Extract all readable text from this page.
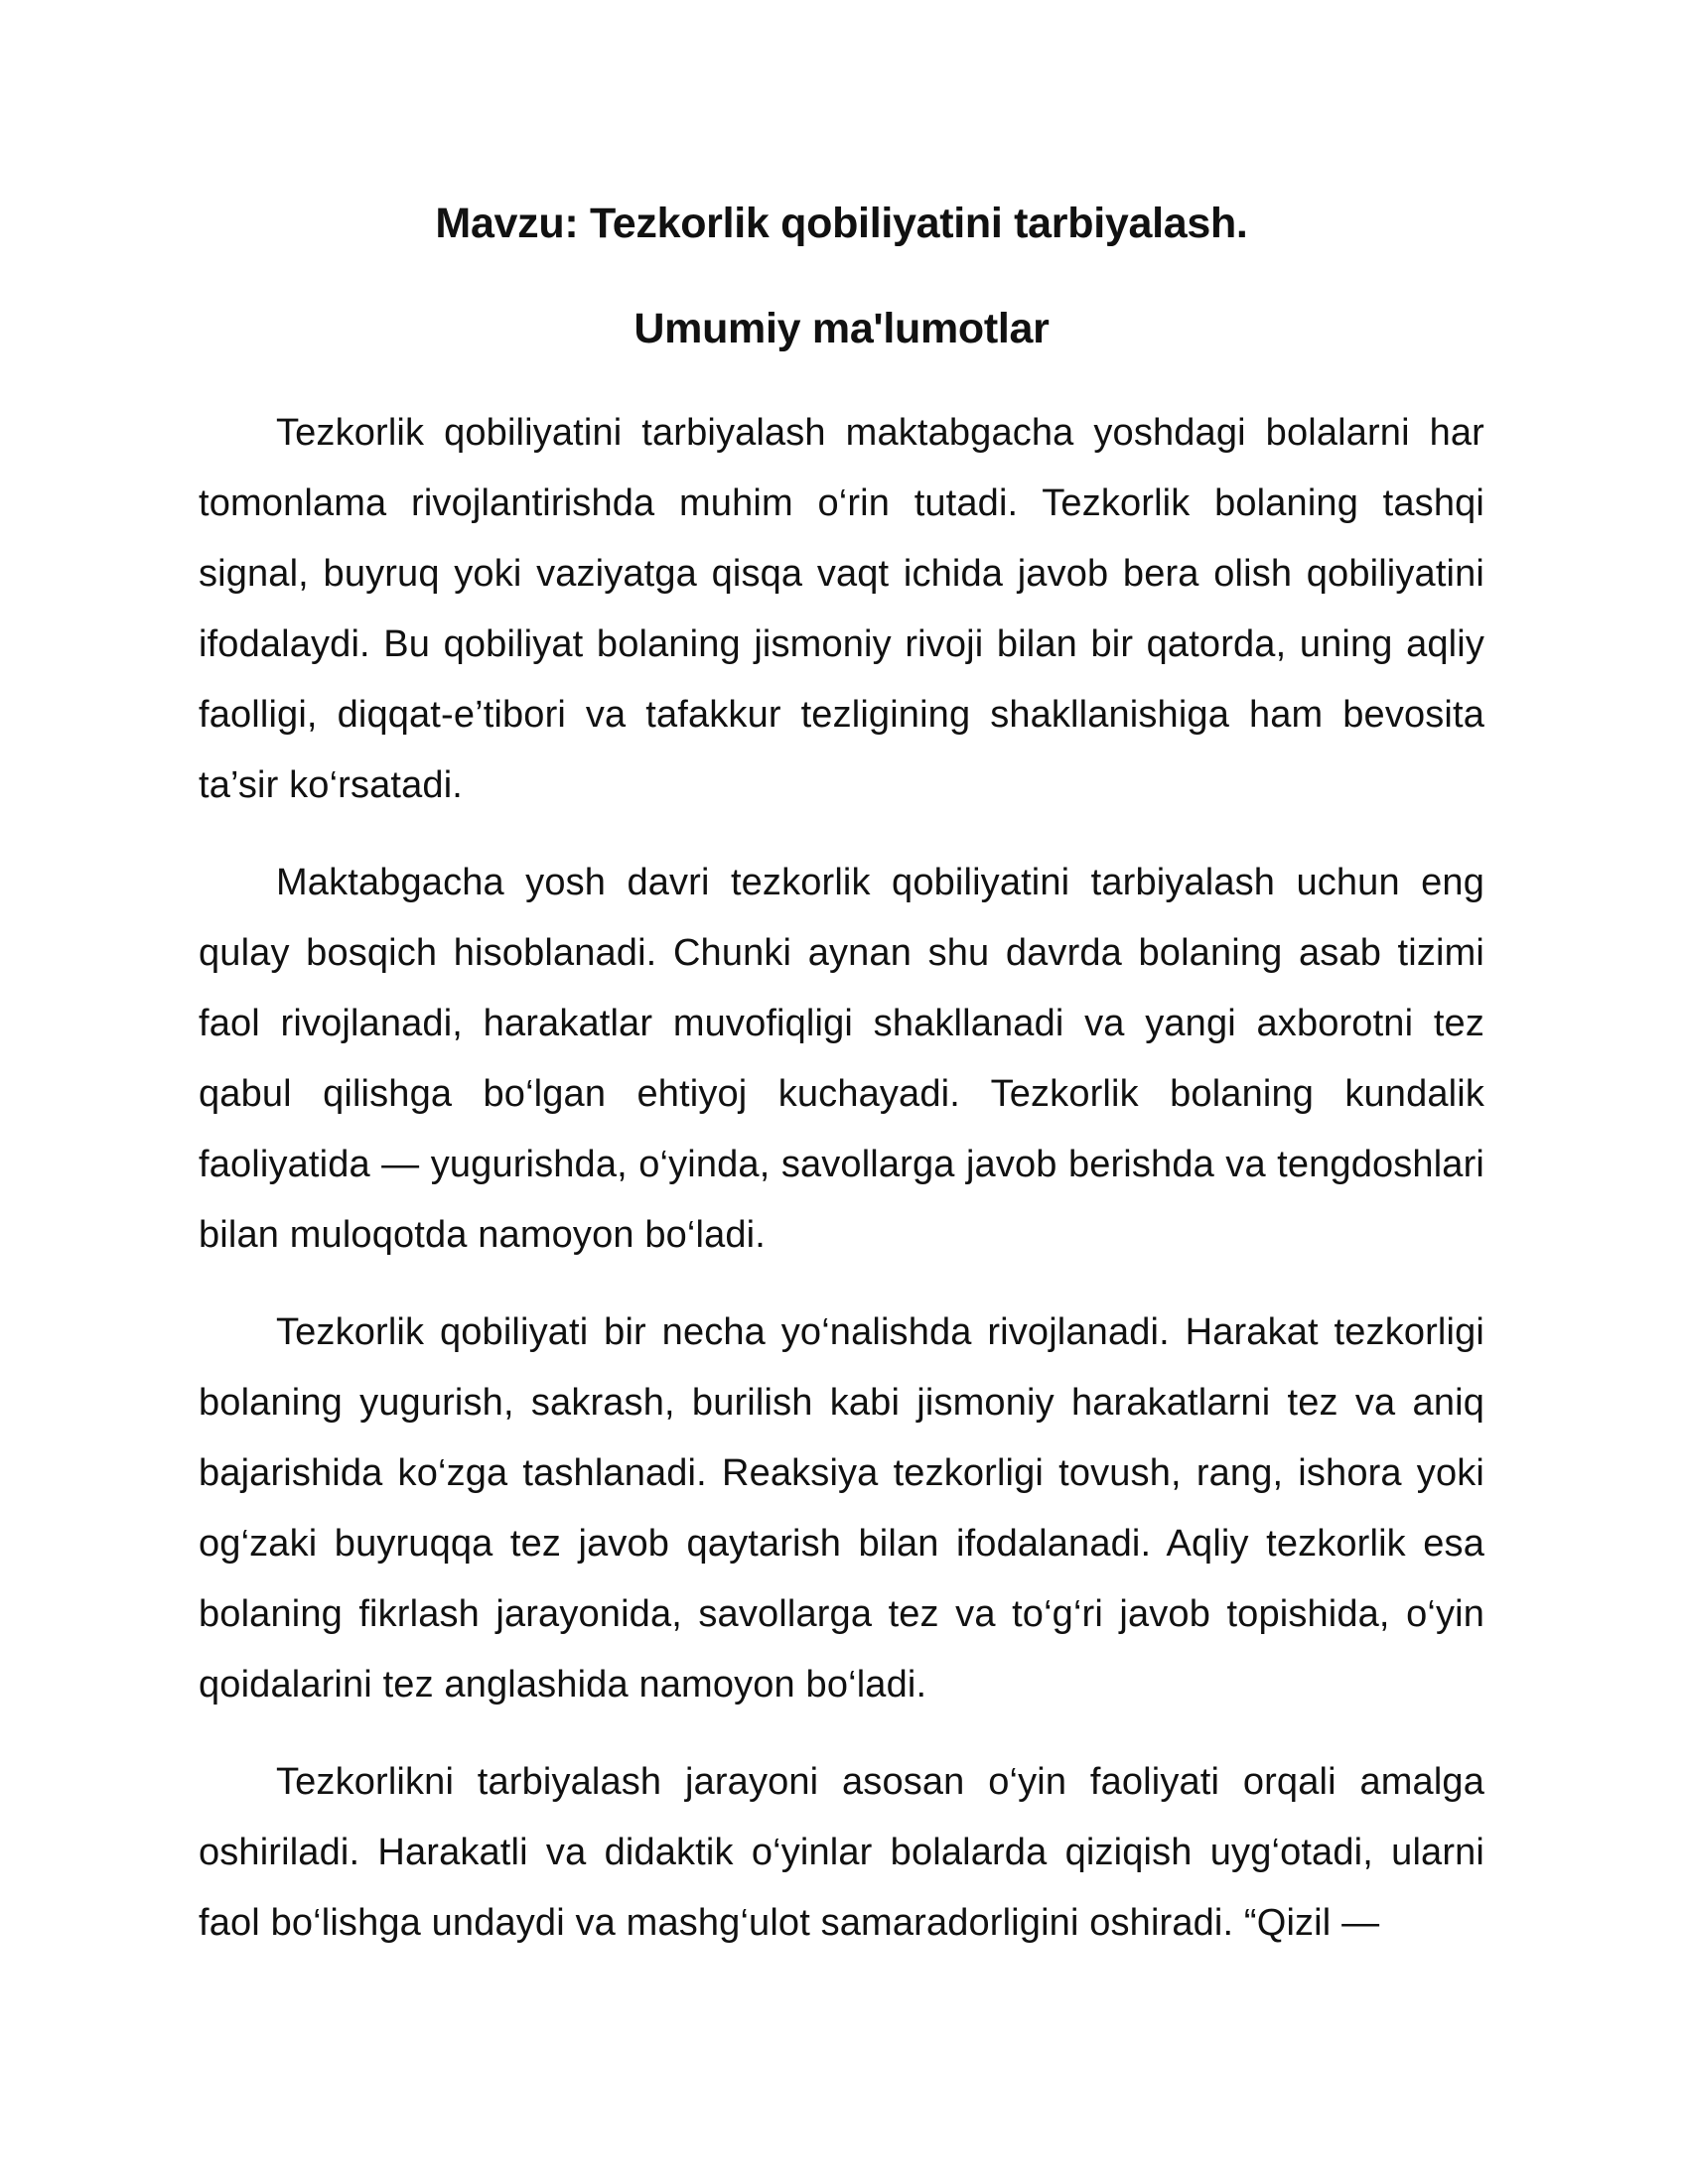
Mavzu: Tezkorlik qobiliyatini tarbiyalash.
Umumiy ma'lumotlar

Tezkorlik qobiliyatini tarbiyalash maktabgacha yoshdagi bolalarni har tomonlama rivojlantirishda muhim o‘rin tutadi. Tezkorlik bolaning tashqi signal, buyruq yoki vaziyatga qisqa vaqt ichida javob bera olish qobiliyatini ifodalaydi. Bu qobiliyat bolaning jismoniy rivoji bilan bir qatorda, uning aqliy faolligi, diqqat-e’tibori va tafakkur tezligining shakllanishiga ham bevosita ta’sir ko‘rsatadi.

Maktabgacha yosh davri tezkorlik qobiliyatini tarbiyalash uchun eng qulay bosqich hisoblanadi. Chunki aynan shu davrda bolaning asab tizimi faol rivojlanadi, harakatlar muvofiqligi shakllanadi va yangi axborotni tez qabul qilishga bo‘lgan ehtiyoj kuchayadi. Tezkorlik bolaning kundalik faoliyatida — yugurishda, o‘yinda, savollarga javob berishda va tengdoshlari bilan muloqotda namoyon bo‘ladi.

Tezkorlik qobiliyati bir necha yo‘nalishda rivojlanadi. Harakat tezkorligi bolaning yugurish, sakrash, burilish kabi jismoniy harakatlarni tez va aniq bajarishida ko‘zga tashlanadi. Reaksiya tezkorligi tovush, rang, ishora yoki og‘zaki buyruqqa tez javob qaytarish bilan ifodalanadi. Aqliy tezkorlik esa bolaning fikrlash jarayonida, savollarga tez va to‘g‘ri javob topishida, o‘yin qoidalarini tez anglashida namoyon bo‘ladi.

Tezkorlikni tarbiyalash jarayoni asosan o‘yin faoliyati orqali amalga oshiriladi. Harakatli va didaktik o‘yinlar bolalarda qiziqish uyg‘otadi, ularni faol bo‘lishga undaydi va mashg‘ulot samaradorligini oshiradi. “Qizil —
